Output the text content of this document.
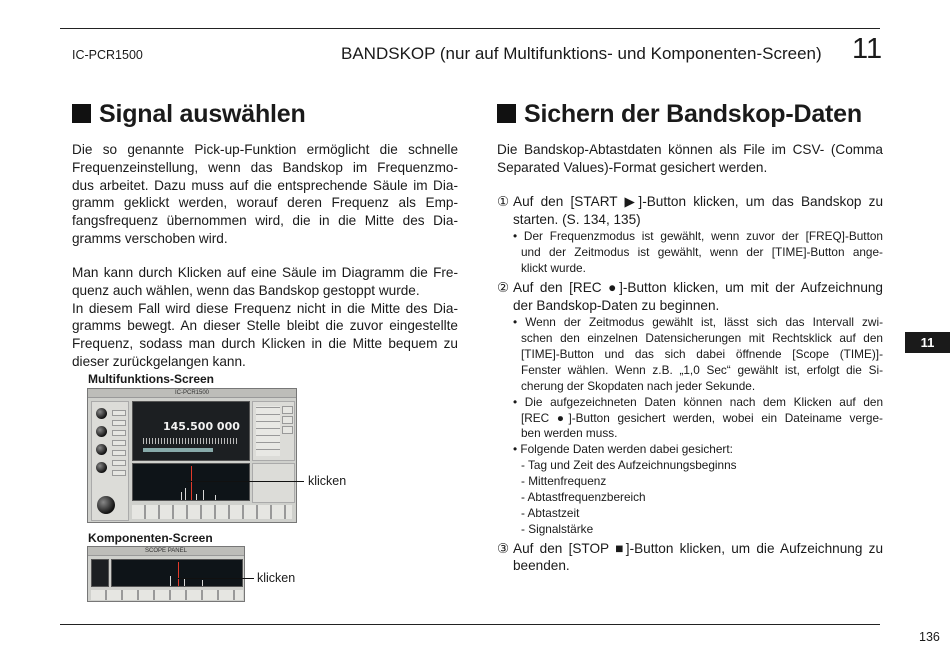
IC-PCR1500	BANDSKOP (nur auf Multifunktions- und Komponenten-Screen) 11
Signal auswählen
Die so genannte Pick-up-Funktion ermöglicht die schnelle
Frequenzeinstellung, wenn das Bandskop im Frequenzmo-
dus arbeitet. Dazu muss auf die entsprechende Säule im Dia-
gramm geklickt werden, worauf deren Frequenz als Emp-
fangsfrequenz übernommen wird, die in die Mitte des Dia-
gramms verschoben wird.
Man kann durch Klicken auf eine Säule im Diagramm die Fre-
quenz auch wählen, wenn das Bandskop gestoppt wurde.
In diesem Fall wird diese Frequenz nicht in die Mitte des Dia-
gramms bewegt. An dieser Stelle bleibt die zuvor eingestellte
Frequenz, sodass man durch Klicken in die Mitte bequem zu
dieser zurückgelangen kann.
Multifunktions-Screen
IC-PCR1500
145.500 000
klicken
Komponenten-Screen
SCOPE PANEL
klicken
Sichern der Bandskop-Daten
Die Bandskop-Abtastdaten können als File im CSV- (Comma
Separated Values)-Format gesichert werden.
① Auf den [START ▶]-Button klicken, um das Bandskop zu
starten. (S. 134, 135)
• Der Frequenzmodus ist gewählt, wenn zuvor der [FREQ]-Button
und der Zeitmodus ist gewählt, wenn der [TIME]-Button ange-
klickt wurde.
② Auf den [REC ●]-Button klicken, um mit der Aufzeichnung
der Bandskop-Daten zu beginnen.
• Wenn der Zeitmodus gewählt ist, lässt sich das Intervall zwi-
schen den einzelnen Datensicherungen mit Rechtsklick auf den
[TIME]-Button und das sich dabei öffnende [Scope (TIME)]-
Fenster wählen. Wenn z.B. „1,0 Sec“ gewählt ist, erfolgt die Si-
cherung der Skopdaten nach jeder Sekunde.
• Die aufgezeichneten Daten können nach dem Klicken auf den
[REC ●]-Button gesichert werden, wobei ein Dateiname verge-
ben werden muss.
• Folgende Daten werden dabei gesichert:
- Tag und Zeit des Aufzeichnungsbeginns
- Mittenfrequenz
- Abtastfrequenzbereich
- Abtastzeit
- Signalstärke
③ Auf den [STOP ■]-Button klicken, um die Aufzeichnung zu
beenden.
11
136
